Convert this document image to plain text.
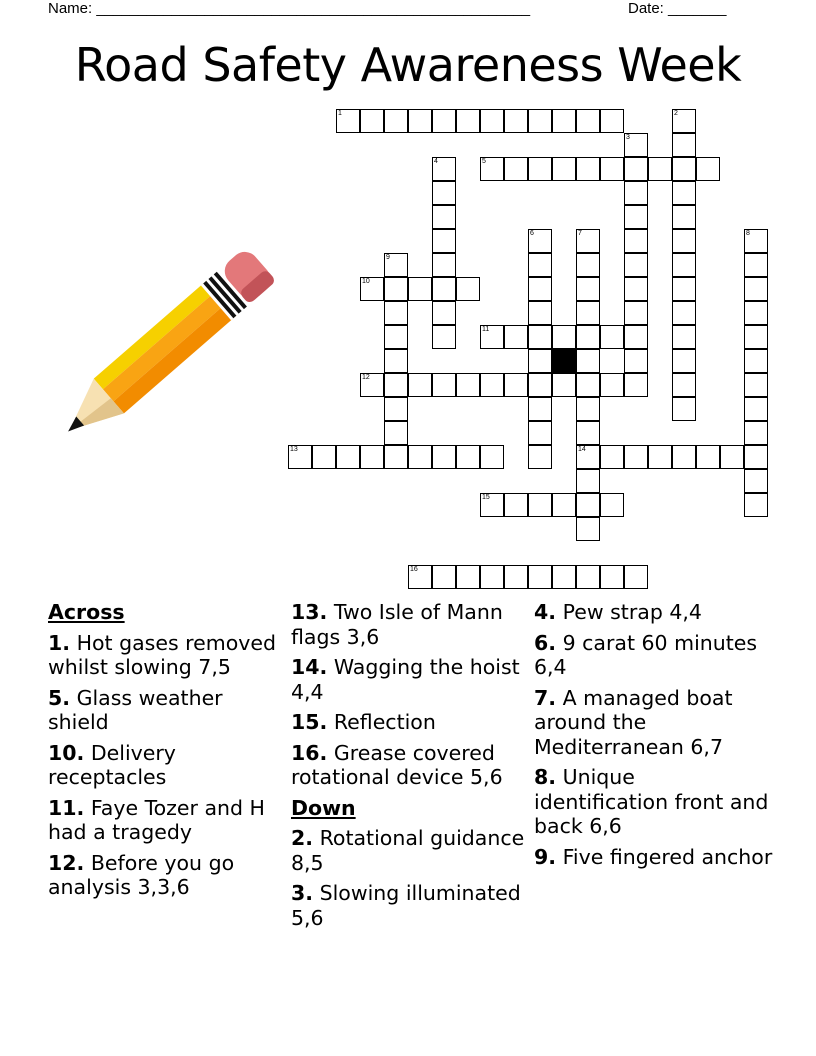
Name: ____________________________________________________	Date: _______
Road Safety Awareness Week
1	2
3
4	5
6	7
14
8
9
10
11
12
13
15
16
Across
1. Hot gases removed whilst slowing 7,5
5. Glass weather shield
10. Delivery receptacles
11. Faye Tozer and H had a tragedy
12. Before you go analysis 3,3,6
13. Two Isle of Mann flags 3,6
14. Wagging the hoist 4,4
15. Reflection
16. Grease covered rotational device 5,6
Down
2. Rotational guidance 8,5
3. Slowing illuminated 5,6
4. Pew strap 4,4
6. 9 carat 60 minutes 6,4
7. A managed boat around the Mediterranean 6,7
8. Unique identification front and back 6,6
9. Five fingered anchor
